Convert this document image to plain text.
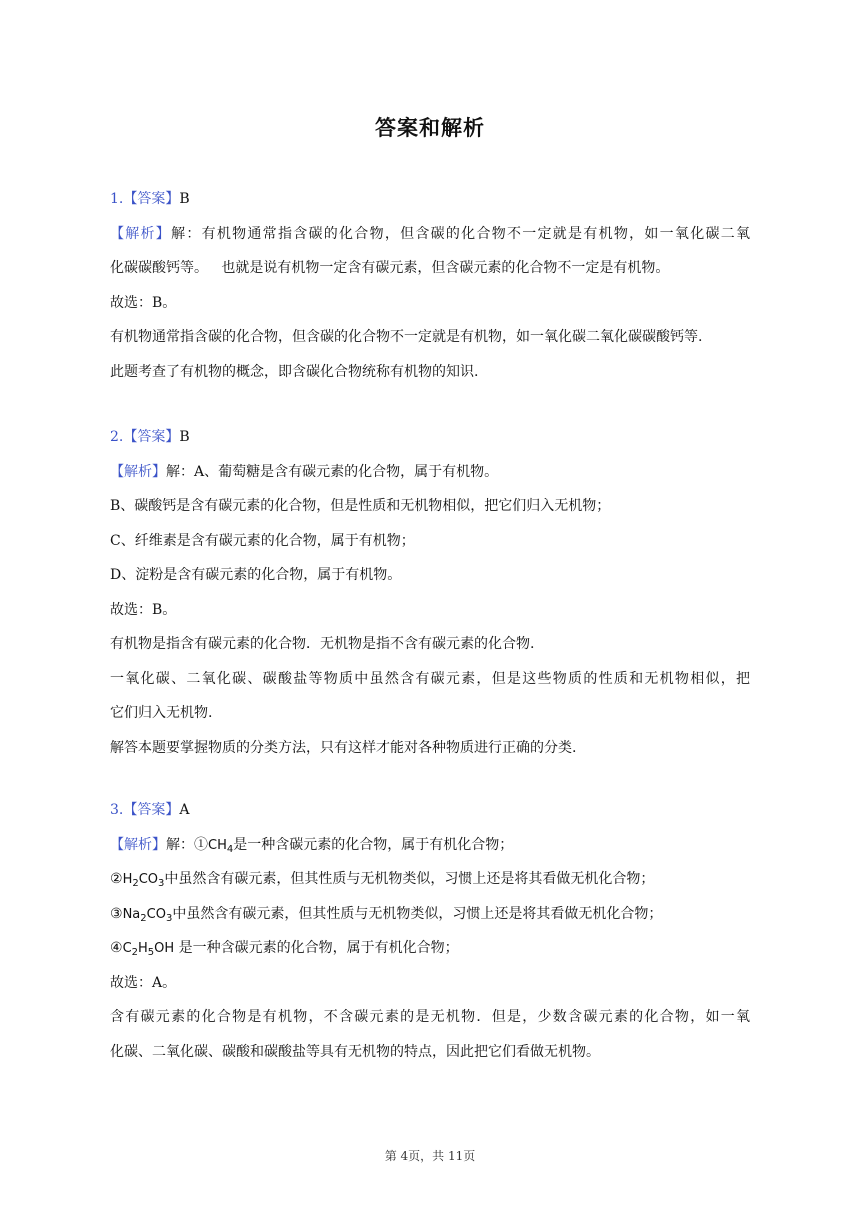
答案和解析
1.【答案】B
【解析】解：有机物通常指含碳的化合物，但含碳的化合物不一定就是有机物，如一氧化碳二氧
化碳碳酸钙等。   也就是说有机物一定含有碳元素，但含碳元素的化合物不一定是有机物。
故选：B。
有机物通常指含碳的化合物，但含碳的化合物不一定就是有机物，如一氧化碳二氧化碳碳酸钙等.
此题考查了有机物的概念，即含碳化合物统称有机物的知识.
2.【答案】B
【解析】解：A、葡萄糖是含有碳元素的化合物，属于有机物。
B、碳酸钙是含有碳元素的化合物，但是性质和无机物相似，把它们归入无机物；
C、纤维素是含有碳元素的化合物，属于有机物；
D、淀粉是含有碳元素的化合物，属于有机物。
故选：B。
有机物是指含有碳元素的化合物．无机物是指不含有碳元素的化合物.
一氧化碳、二氧化碳、碳酸盐等物质中虽然含有碳元素，但是这些物质的性质和无机物相似，把
它们归入无机物.
解答本题要掌握物质的分类方法，只有这样才能对各种物质进行正确的分类.
3.【答案】A
【解析】解：$①CH_4$是一种含碳元素的化合物，属于有机化合物；
$②H_2CO_3$中虽然含有碳元素，但其性质与无机物类似，习惯上还是将其看做无机化合物；
$③Na_2CO_3$中虽然含有碳元素，但其性质与无机物类似，习惯上还是将其看做无机化合物；
$④C_2H_5OH$ 是一种含碳元素的化合物，属于有机化合物；
故选：A。
含有碳元素的化合物是有机物，不含碳元素的是无机物．但是，少数含碳元素的化合物，如一氧
化碳、二氧化碳、碳酸和碳酸盐等具有无机物的特点，因此把它们看做无机物。
第 4页，共 11页
